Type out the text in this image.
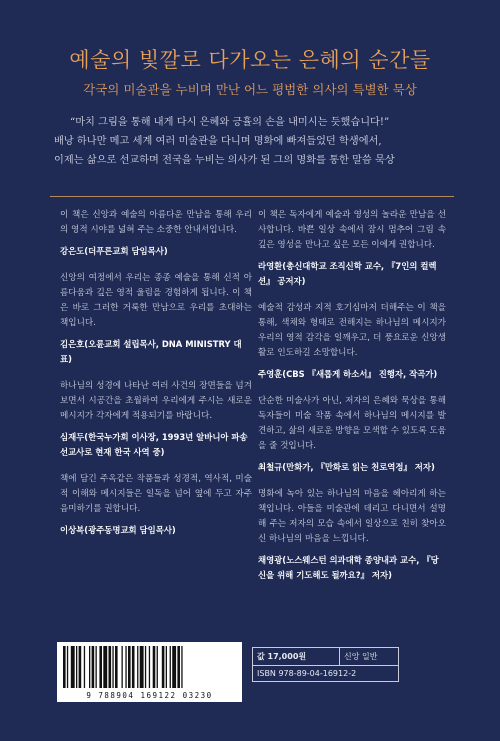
예술의 빛깔로 다가오는 은혜의 순간들
각국의 미술관을 누비며 만난 어느 평범한 의사의 특별한 묵상

“마치 그림을 통해 내게 다시 은혜와 긍휼의 손을 내미시는 듯했습니다!”

배낭 하나만 메고 세계 여러 미술관을 다니며 명화에 빠져들었던 학생에서,

이제는 삶으로 선교하며 전국을 누비는 의사가 된 그의 명화를 통한 말씀 묵상

이 책은 신앙과 예술의 아름다운 만남을 통해 우리의 영적 시야를 넓혀 주는 소중한 안내서입니다.
강은도(더푸른교회 담임목사)
신앙의 여정에서 우리는 종종 예술을 통해 신적 아름다움과 깊은 영적 울림을 경험하게 됩니다. 이 책은 바로 그러한 거룩한 만남으로 우리를 초대하는 책입니다.
김은호(오륜교회 설립목사, DNA MINISTRY 대표)
하나님의 성경에 나타난 여러 사건의 장면들을 넘겨보면서 시공간을 초월하여 우리에게 주시는 새로운 메시지가 각자에게 적용되기를 바랍니다.
심재두(한국누가회 이사장, 1993년 알바니아 파송 선교사로 현재 한국 사역 중)
책에 담긴 주옥같은 작품들과 성경적, 역사적, 미술적 이해와 메시지들은 일독을 넘어 옆에 두고 자주 음미하기를 권합니다.
이상복(광주동명교회 담임목사)
이 책은 독자에게 예술과 영성의 놀라운 만남을 선사합니다. 바쁜 일상 속에서 잠시 멈추어 그림 속 깊은 영성을 만나고 싶은 모든 이에게 권합니다.
라영환(총신대학교 조직신학 교수, 『7인의 컬렉션』 공저자)
예술적 감성과 지적 호기심마저 더해주는 이 책을 통해, 색채와 형태로 전해지는 하나님의 메시지가 우리의 영적 감각을 일깨우고, 더 풍요로운 신앙생활로 인도하길 소망합니다.
주영훈(CBS 『새롭게 하소서』 진행자, 작곡가)
단순한 미술사가 아닌, 저자의 은혜와 묵상을 통해 독자들이 미술 작품 속에서 하나님의 메시지를 발견하고, 삶의 새로운 방향을 모색할 수 있도록 도움을 줄 것입니다.
최철규(만화가, 『만화로 읽는 천로역정』 저자)
명화에 녹아 있는 하나님의 마음을 헤아리게 하는 책입니다. 아들을 미술관에 데리고 다니면서 설명해 주는 저자의 모습 속에서 일상으로 친히 찾아오신 하나님의 마음을 느낍니다.
채영광(노스웨스턴 의과대학 종양내과 교수, 『당신을 위해 기도해도 될까요?』 저자)
9 788904 169122 03230
값 17,000원	신앙 일반
ISBN 978-89-04-16912-2
